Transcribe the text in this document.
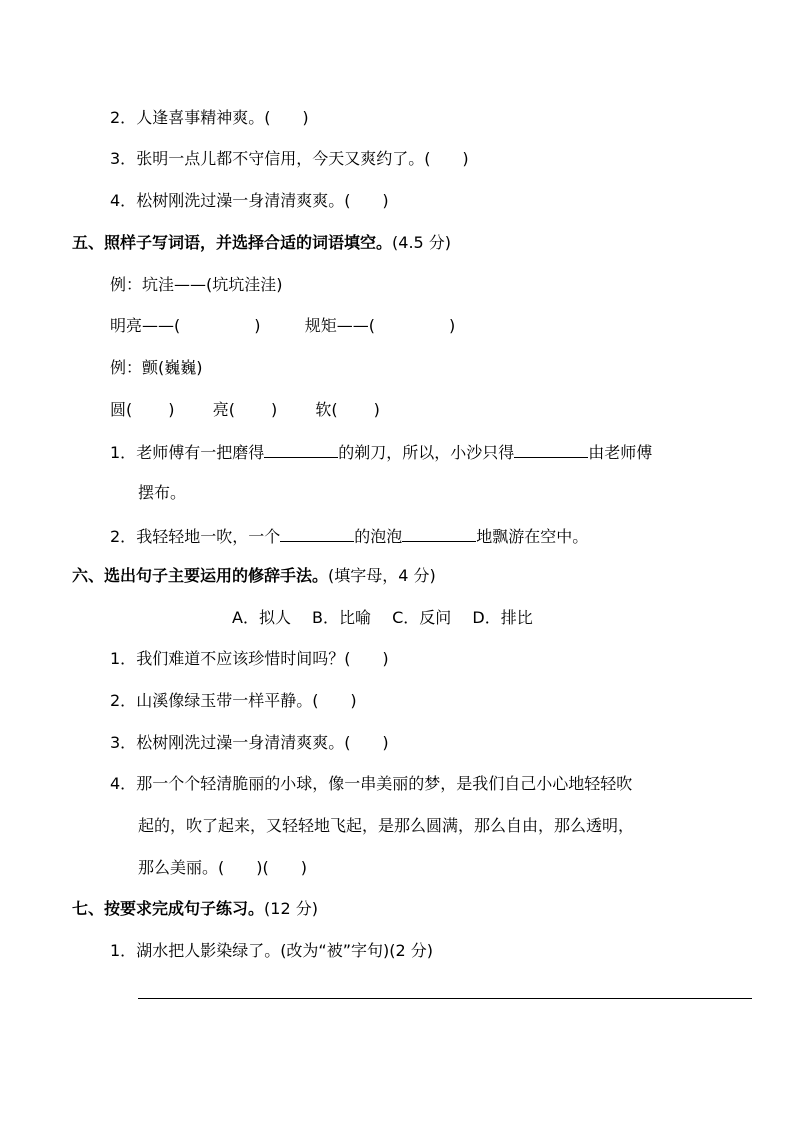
2．人逢喜事精神爽。(　　)
3．张明一点儿都不守信用，今天又爽约了。(　　)
4．松树刚洗过澡一身清清爽爽。(　　)
五、照样子写词语，并选择合适的词语填空。(4.5 分)
例：坑洼——(坑坑洼洼)
明亮——(	)	规矩——(	)
例：颤(巍巍)
圆( ) 亮( ) 软( )
1．老师傅有一把磨得	的剃刀，所以，小沙只得	由老师傅
摆布。
2．我轻轻地一吹，一个	的泡泡	地飘游在空中。
六、选出句子主要运用的修辞手法。(填字母，4 分)
A．拟人 B．比喻 C．反问 D．排比
1．我们难道不应该珍惜时间吗？(　　)
2．山溪像绿玉带一样平静。(　　)
3．松树刚洗过澡一身清清爽爽。(　　)
4．那一个个轻清脆丽的小球，像一串美丽的梦，是我们自己小心地轻轻吹
起的，吹了起来，又轻轻地飞起，是那么圆满，那么自由，那么透明，
那么美丽。(　　)(　　)
七、按要求完成句子练习。(12 分)
1．湖水把人影染绿了。(改为“被”字句)(2 分)
